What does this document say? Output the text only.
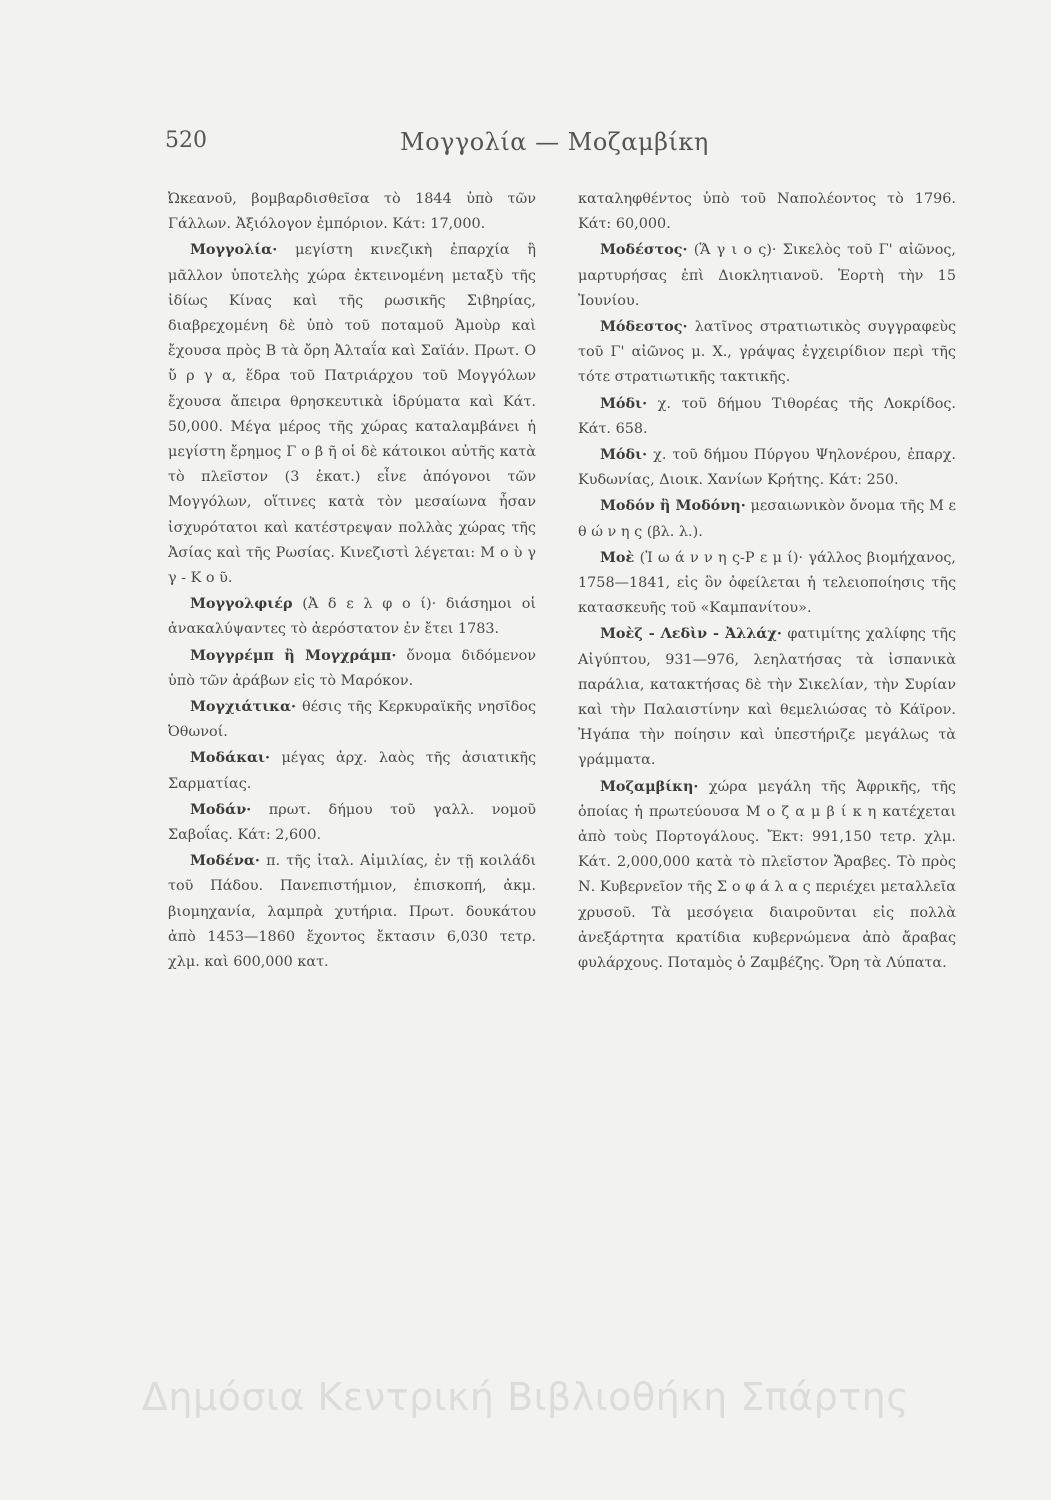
520	Μογγολία — Μοζαμβίκη

Ὠκεανοῦ, βομβαρδισθεῖσα τὸ 1844 ὑπὸ τῶν Γάλλων. Ἀξιόλογον ἐμπόριον. Κάτ: 17,000.

Μογγολία· μεγίστη κινεζικὴ ἐπαρχία ἢ μᾶλλον ὑποτελὴς χώρα ἐκτεινομένη μεταξὺ τῆς ἰδίως Κίνας καὶ τῆς ρωσικῆς Σιβηρίας, διαβρεχομένη δὲ ὑπὸ τοῦ ποταμοῦ Ἀμοὺρ καὶ ἔχουσα πρὸς Β τὰ ὄρη Ἀλταΐα καὶ Σαϊάν. Πρωτ. Ο ὔ ρ γ α, ἕδρα τοῦ Πατριάρχου τοῦ Μογγόλων ἔχουσα ἄπειρα θρησκευτικὰ ἱδρύματα καὶ Κάτ. 50,000. Μέγα μέρος τῆς χώρας καταλαμβάνει ἡ μεγίστη ἔρημος Γ ο β ῆ οἱ δὲ κάτοικοι αὐτῆς κατὰ τὸ πλεῖστον (3 ἑκατ.) εἶνε ἀπόγονοι τῶν Μογγόλων, οἵτινες κατὰ τὸν μεσαίωνα ἦσαν ἰσχυρότατοι καὶ κατέστρεψαν πολλὰς χώρας τῆς Ἀσίας καὶ τῆς Ρωσίας. Κινεζιστὶ λέγεται: Μ ο ὺ γ γ - Κ ο ῦ.

Μογγολφιέρ (Ἀ δ ε λ φ ο ί)· διάσημοι οἱ ἀνακαλύψαντες τὸ ἀερόστατον ἐν ἔτει 1783.

Μογγρέμπ ἢ Μογχράμπ· ὄνομα διδόμενον ὑπὸ τῶν ἀράβων εἰς τὸ Μαρόκον.

Μογχιάτικα· θέσις τῆς Κερκυραϊκῆς νησῖδος Ὀθωνοί.

Μοδάκαι· μέγας ἀρχ. λαὸς τῆς ἀσιατικῆς Σαρματίας.

Μοδάν· πρωτ. δήμου τοῦ γαλλ. νομοῦ Σαβοΐας. Κάτ: 2,600.

Μοδένα· π. τῆς ἰταλ. Αἰμιλίας, ἐν τῇ κοιλάδι τοῦ Πάδου. Πανεπιστήμιον, ἐπισκοπή, ἀκμ. βιομηχανία, λαμπρὰ χυτήρια. Πρωτ. δουκάτου ἀπὸ 1453—1860 ἔχοντος ἔκτασιν 6,030 τετρ. χλμ. καὶ 600,000 κατ.

καταληφθέντος ὑπὸ τοῦ Ναπολέοντος τὸ 1796. Κάτ: 60,000.

Μοδέστος· (Ἅ γ ι ο ς)· Σικελὸς τοῦ Γ' αἰῶνος, μαρτυρήσας ἐπὶ Διοκλητιανοῦ. Ἑορτὴ τὴν 15 Ἰουνίου.

Μόδεστος· λατῖνος στρατιωτικὸς συγγραφεὺς τοῦ Γ' αἰῶνος μ. Χ., γράψας ἐγχειρίδιον περὶ τῆς τότε στρατιωτικῆς τακτικῆς.

Μόδι· χ. τοῦ δήμου Τιθορέας τῆς Λοκρίδος. Κάτ. 658.

Μόδι· χ. τοῦ δήμου Πύργου Ψηλονέρου, ἐπαρχ. Κυδωνίας, Διοικ. Χανίων Κρήτης. Κάτ: 250.

Μοδόν ἢ Μοδόνη· μεσαιωνικὸν ὄνομα τῆς Μ ε θ ώ ν η ς (βλ. λ.).

Μοὲ (Ἰ ω ά ν ν η ς-Ρ ε μ ί)· γάλλος βιομήχανος, 1758—1841, εἰς ὃν ὀφείλεται ἡ τελειοποίησις τῆς κατασκευῆς τοῦ «Καμπανίτου».

Μοὲζ - Λεδὶν - Ἀλλάχ· φατιμίτης χαλίφης τῆς Αἰγύπτου, 931—976, λεηλατήσας τὰ ἰσπανικὰ παράλια, κατακτήσας δὲ τὴν Σικελίαν, τὴν Συρίαν καὶ τὴν Παλαιστίνην καὶ θεμελιώσας τὸ Κάϊρον. Ἠγάπα τὴν ποίησιν καὶ ὑπεστήριζε μεγάλως τὰ γράμματα.

Μοζαμβίκη· χώρα μεγάλη τῆς Ἀφρικῆς, τῆς ὁποίας ἡ πρωτεύουσα Μ ο ζ α μ β ί κ η κατέχεται ἀπὸ τοὺς Πορτογάλους. Ἔκτ: 991,150 τετρ. χλμ. Κάτ. 2,000,000 κατὰ τὸ πλεῖστον Ἄραβες. Τὸ πρὸς Ν. Κυβερνεῖον τῆς Σ ο φ ά λ α ς περιέχει μεταλλεῖα χρυσοῦ. Τὰ μεσόγεια διαιροῦνται εἰς πολλὰ ἀνεξάρτητα κρατίδια κυβερνώμενα ἀπὸ ἄραβας φυλάρχους. Ποταμὸς ὁ Ζαμβέζης. Ὄρη τὰ Λύπατα.

Δημόσια Κεντρική Βιβλιοθήκη Σπάρτης
